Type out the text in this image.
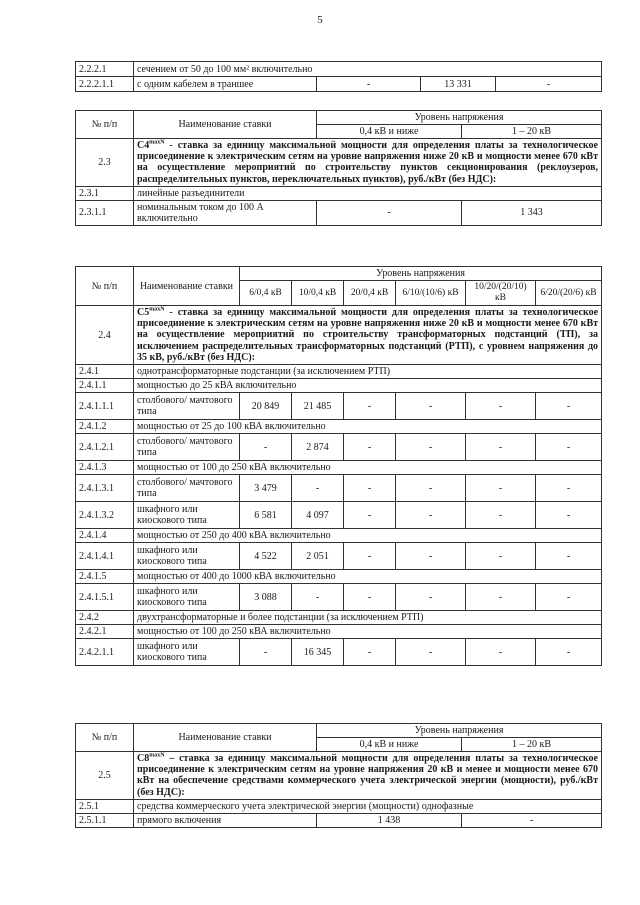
5
2.2.2.1	сечением от 50 до 100 мм² включительно			
2.2.2.1.1	с одним кабелем в траншее	-	13 331	-
№ п/п	Наименование ставки	Уровень напряжения	
		0,4 кВ и ниже	1 – 20 кВ
2.3	$C4^{maxN}$ - ставка за единицу максимальной мощности для определения платы за технологическое присоединение к электрическим сетям на уровне напряжения ниже 20 кВ и мощности менее 670 кВт на осуществление мероприятий по строительству пунктов секционирования (реклоузеров, распределительных пунктов, переключательных пунктов), руб./кВт (без НДС):		
2.3.1	линейные разъединители		
2.3.1.1	номинальным током до 100 А включительно	-	1 343
№ п/п	Наименование ставки	Уровень напряжения					
		6/0,4 кВ	10/0,4 кВ	20/0,4 кВ	6/10/(10/6) кВ	10/20/(20/10) кВ	6/20/(20/6) кВ
2.4	$C5^{maxN}$ - ставка за единицу максимальной мощности для определения платы за технологическое присоединение к электрическим сетям на уровне напряжения ниже 20 кВ и мощности менее 670 кВт на осуществление мероприятий по строительству трансформаторных подстанций (ТП), за исключением распределительных трансформаторных подстанций (РТП), с уровнем напряжения до 35 кВ, руб./кВт (без НДС):						
2.4.1	однотрансформаторные подстанции (за исключением РТП)						
2.4.1.1	мощностью до 25 кВА включительно						
2.4.1.1.1	столбового/ мачтового типа	20 849	21 485	-	-	-	-
2.4.1.2	мощностью от 25 до 100 кВА включительно						
2.4.1.2.1	столбового/ мачтового типа	-	2 874	-	-	-	-
2.4.1.3	мощностью от 100 до 250 кВА включительно						
2.4.1.3.1	столбового/ мачтового типа	3 479	-	-	-	-	-
2.4.1.3.2	шкафного или киоскового типа	6 581	4 097	-	-	-	-
2.4.1.4	мощностью от 250 до 400 кВА включительно						
2.4.1.4.1	шкафного или киоскового типа	4 522	2 051	-	-	-	-
2.4.1.5	мощностью от 400 до 1000 кВА включительно						
2.4.1.5.1	шкафного или киоскового типа	3 088	-	-	-	-	-
2.4.2	двухтрансформаторные и более подстанции (за исключением РТП)						
2.4.2.1	мощностью от 100 до 250 кВА включительно						
2.4.2.1.1	шкафного или киоскового типа	-	16 345	-	-	-	-
№ п/п	Наименование ставки	Уровень напряжения	
		0,4 кВ и ниже	1 – 20 кВ
2.5	$C8^{maxN}$ – ставка за единицу максимальной мощности для определения платы за технологическое присоединение к электрическим сетям на уровне напряжения 20 кВ и менее и мощности менее 670 кВт на обеспечение средствами коммерческого учета электрической энергии (мощности), руб./кВт (без НДС):		
2.5.1	средства коммерческого учета электрической энергии (мощности) однофазные		
2.5.1.1	прямого включения	1 438	-
